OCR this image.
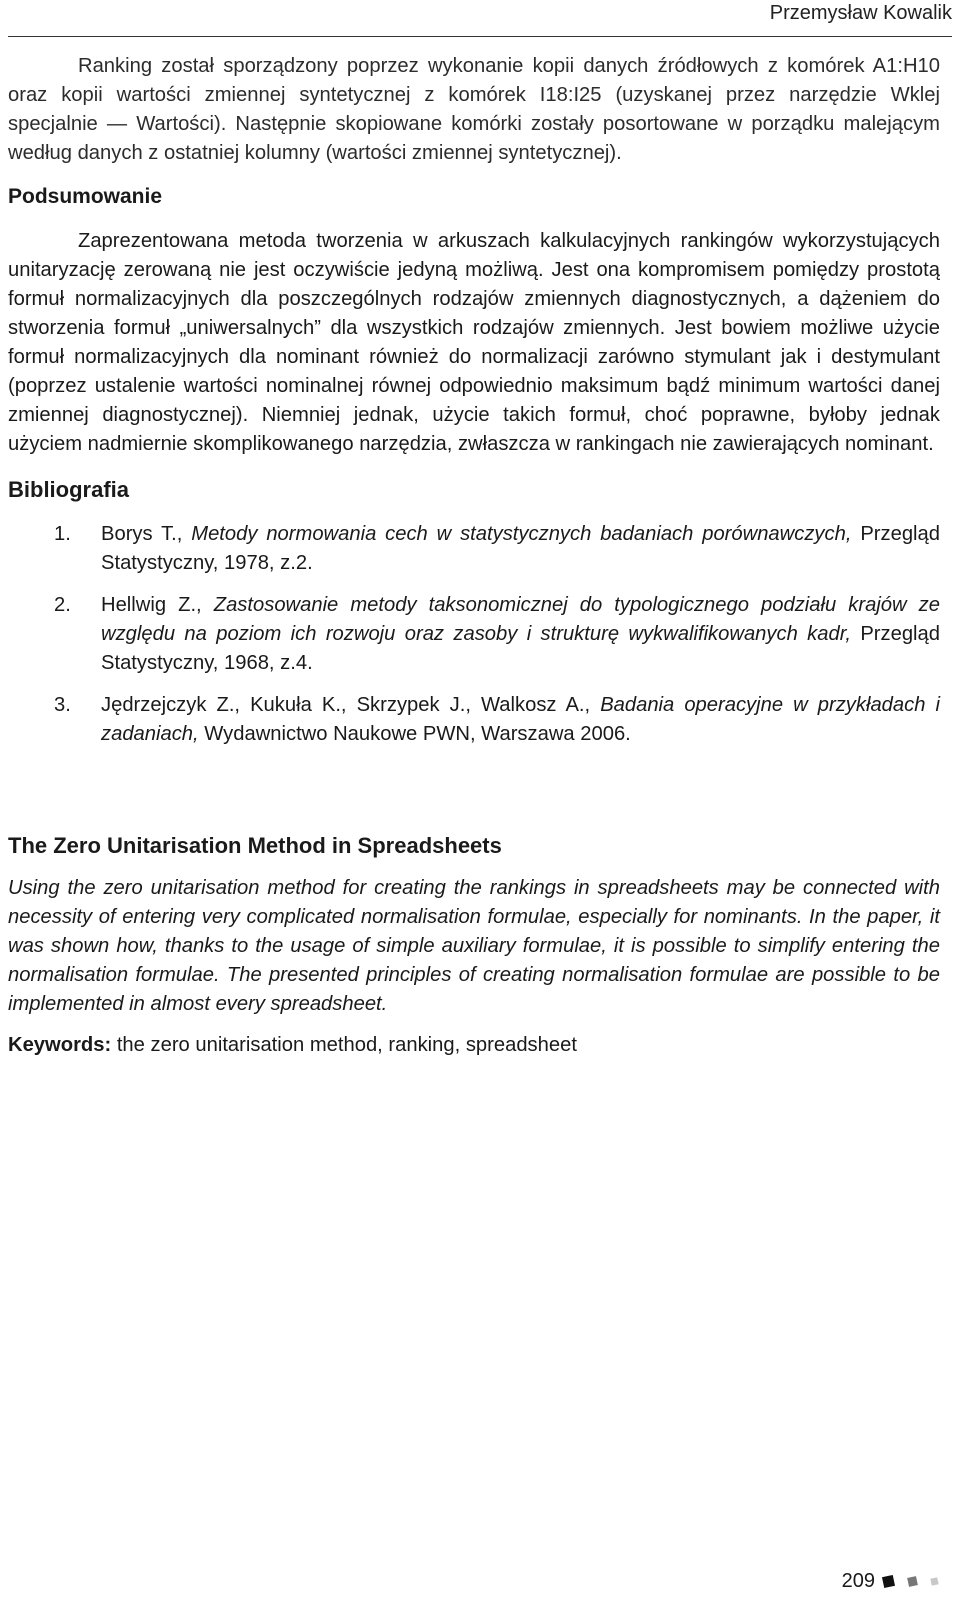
Przemysław Kowalik

Ranking został sporządzony poprzez wykonanie kopii danych źródłowych z komórek A1:H10 oraz kopii wartości zmiennej syntetycznej z komórek I18:I25 (uzyskanej przez narzędzie Wklej specjalnie — Wartości). Następnie skopiowane komórki zostały posortowane w porządku malejącym według danych z ostatniej kolumny (wartości zmiennej syntetycznej).

Podsumowanie

Zaprezentowana metoda tworzenia w arkuszach kalkulacyjnych rankingów wykorzystujących unitaryzację zerowaną nie jest oczywiście jedyną możliwą. Jest ona kompromisem pomiędzy prostotą formuł normalizacyjnych dla poszczególnych rodzajów zmiennych diagnostycznych, a dążeniem do stworzenia formuł „uniwersalnych” dla wszystkich rodzajów zmiennych. Jest bowiem możliwe użycie formuł normalizacyjnych dla nominant również do normalizacji zarówno stymulant jak i destymulant (poprzez ustalenie wartości nominalnej równej odpowiednio maksimum bądź minimum wartości danej zmiennej diagnostycznej). Niemniej jednak, użycie takich formuł, choć poprawne, byłoby jednak użyciem nadmiernie skomplikowanego narzędzia, zwłaszcza w rankingach nie zawierających nominant.

Bibliografia
1. Borys T., Metody normowania cech w statystycznych badaniach porównawczych, Przegląd Statystyczny, 1978, z.2.
2. Hellwig Z., Zastosowanie metody taksonomicznej do typologicznego podziału krajów ze względu na poziom ich rozwoju oraz zasoby i strukturę wykwalifikowanych kadr, Przegląd Statystyczny, 1968, z.4.
3. Jędrzejczyk Z., Kukuła K., Skrzypek J., Walkosz A., Badania operacyjne w przykładach i zadaniach, Wydawnictwo Naukowe PWN, Warszawa 2006.
The Zero Unitarisation Method in Spreadsheets

Using the zero unitarisation method for creating the rankings in spreadsheets may be connected with necessity of entering very complicated normalisation formulae, especially for nominants. In the paper, it was shown how, thanks to the usage of simple auxiliary formulae, it is possible to simplify entering the normalisation formulae. The presented principles of creating normalisation formulae are possible to be implemented in almost every spreadsheet.

Keywords: the zero unitarisation method, ranking, spreadsheet

209
